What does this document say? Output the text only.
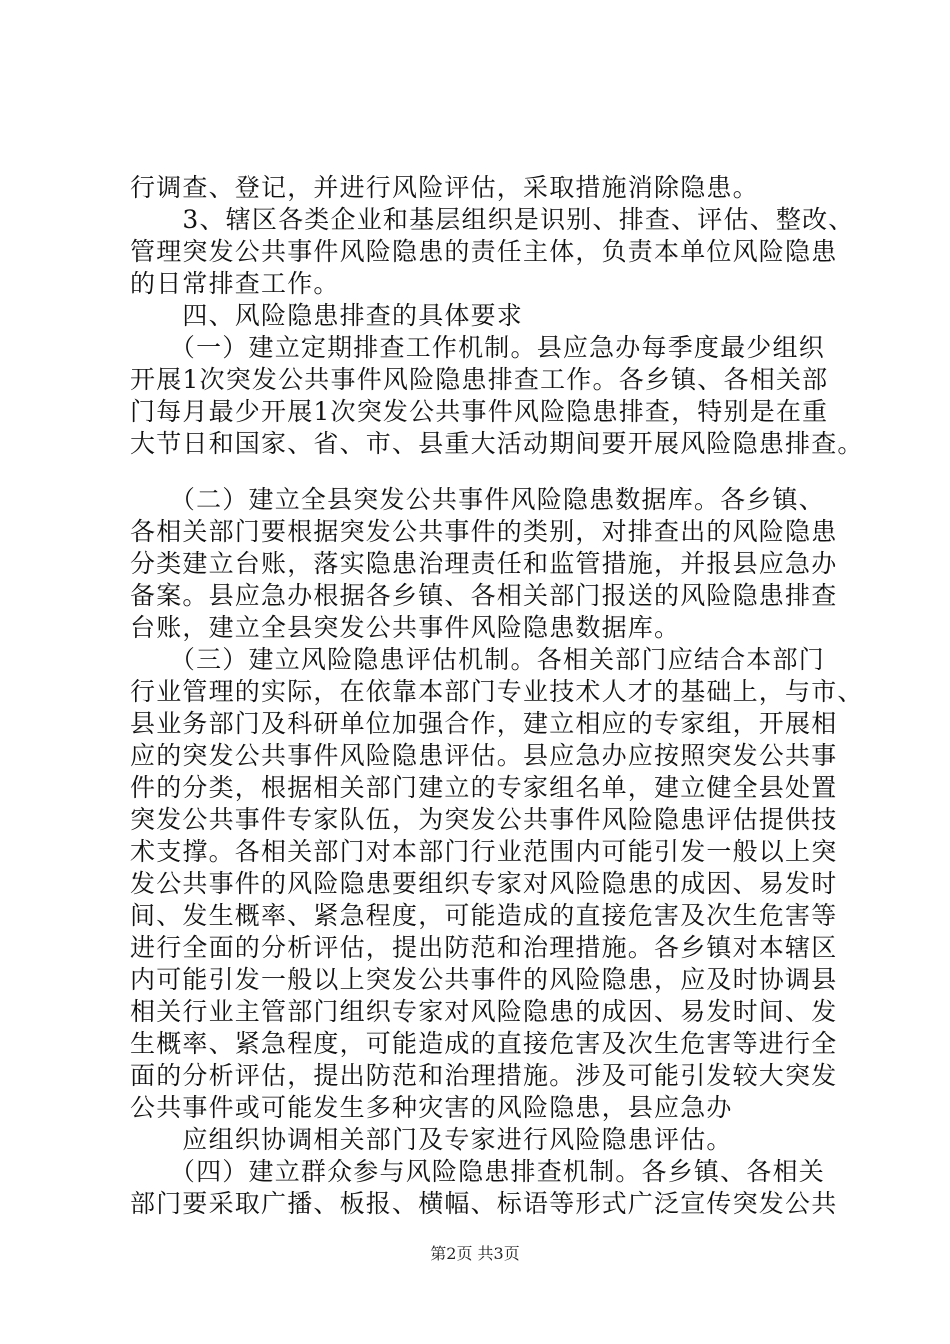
行调查、登记，并进行风险评估，采取措施消除隐患。
　　3、辖区各类企业和基层组织是识别、排查、评估、整改、
管理突发公共事件风险隐患的责任主体，负责本单位风险隐患
的日常排查工作。
　　四、风险隐患排查的具体要求
　　（一）建立定期排查工作机制。县应急办每季度最少组织
开展1次突发公共事件风险隐患排查工作。各乡镇、各相关部
门每月最少开展1次突发公共事件风险隐患排查，特别是在重
大节日和国家、省、市、县重大活动期间要开展风险隐患排查。
　　（二）建立全县突发公共事件风险隐患数据库。各乡镇、
各相关部门要根据突发公共事件的类别，对排查出的风险隐患
分类建立台账，落实隐患治理责任和监管措施，并报县应急办
备案。县应急办根据各乡镇、各相关部门报送的风险隐患排查
台账，建立全县突发公共事件风险隐患数据库。
　　（三）建立风险隐患评估机制。各相关部门应结合本部门
行业管理的实际，在依靠本部门专业技术人才的基础上，与市、
县业务部门及科研单位加强合作，建立相应的专家组，开展相
应的突发公共事件风险隐患评估。县应急办应按照突发公共事
件的分类，根据相关部门建立的专家组名单，建立健全县处置
突发公共事件专家队伍，为突发公共事件风险隐患评估提供技
术支撑。各相关部门对本部门行业范围内可能引发一般以上突
发公共事件的风险隐患要组织专家对风险隐患的成因、易发时
间、发生概率、紧急程度，可能造成的直接危害及次生危害等
进行全面的分析评估，提出防范和治理措施。各乡镇对本辖区
内可能引发一般以上突发公共事件的风险隐患，应及时协调县
相关行业主管部门组织专家对风险隐患的成因、易发时间、发
生概率、紧急程度，可能造成的直接危害及次生危害等进行全
面的分析评估，提出防范和治理措施。涉及可能引发较大突发
公共事件或可能发生多种灾害的风险隐患，县应急办
　　应组织协调相关部门及专家进行风险隐患评估。
　　（四）建立群众参与风险隐患排查机制。各乡镇、各相关
部门要采取广播、板报、横幅、标语等形式广泛宣传突发公共
第2页 共3页
